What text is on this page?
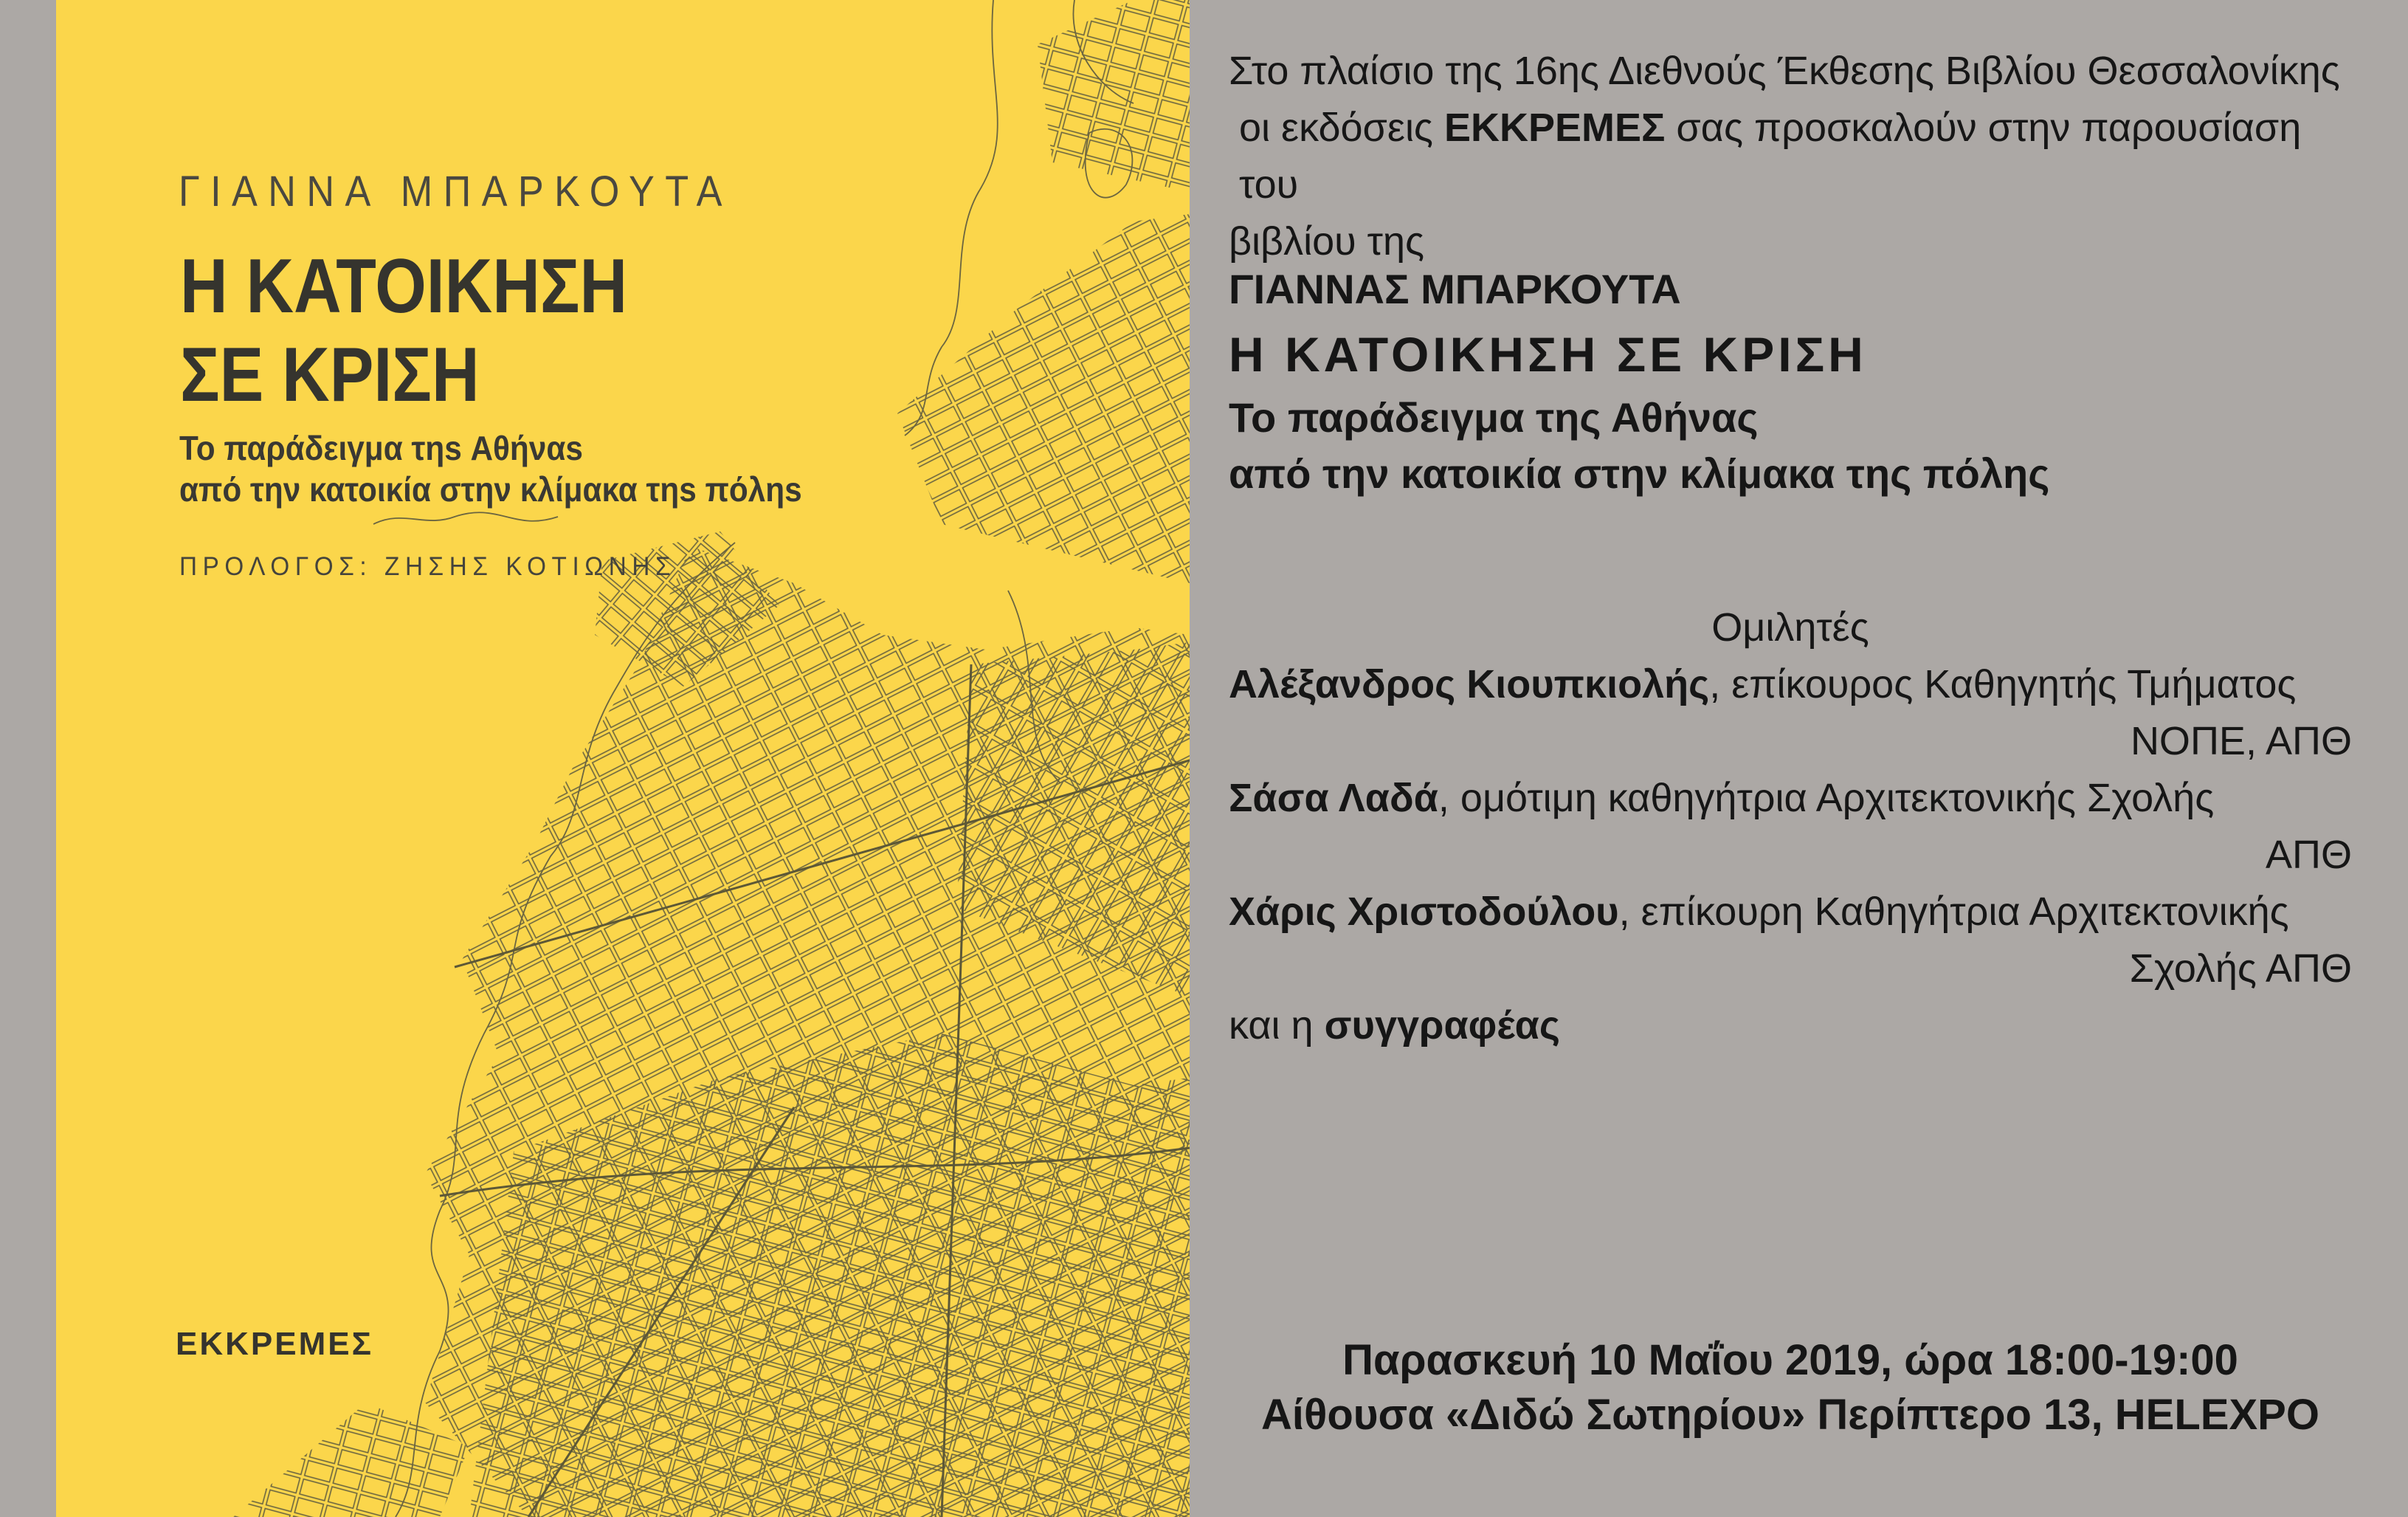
ΓΙΑΝΝΑ ΜΠΑΡΚΟΥΤΑ
Η ΚΑΤΟΙΚΗΣΗ
ΣΕ ΚΡΙΣΗ
Το παράδειγμα τηs Αθήναs
από την κατοικία στην κλίμακα τηs πόληs
ΠΡΟΛΟΓΟΣ: ΖΗΣΗΣ ΚΟΤΙΩΝΗΣ
ΕΚΚΡΕΜΕΣ
Στο πλαίσιο της 16ης Διεθνούς Έκθεσης Βιβλίου Θεσσαλονίκης
οι εκδόσεις ΕΚΚΡΕΜΕΣ σας προσκαλούν στην παρουσίαση του
βιβλίου της
ΓΙΑΝΝΑΣ ΜΠΑΡΚΟΥΤΑ
Η ΚΑΤΟΙΚΗΣΗ ΣΕ ΚΡΙΣΗ
Το παράδειγμα της Αθήνας
από την κατοικία στην κλίμακα της πόλης
Ομιλητές
Αλέξανδρος Κιουπκιολής, επίκουρος Καθηγητής Τμήματος
ΝΟΠΕ, ΑΠΘ
Σάσα Λαδά, ομότιμη καθηγήτρια Αρχιτεκτονικής Σχολής
ΑΠΘ
Χάρις Χριστοδούλου, επίκουρη Καθηγήτρια Αρχιτεκτονικής
Σχολής ΑΠΘ
και η συγγραφέας
Παρασκευή 10 Μαΐου 2019, ώρα 18:00-19:00
Αίθουσα «Διδώ Σωτηρίου» Περίπτερο 13, HELEXPO
